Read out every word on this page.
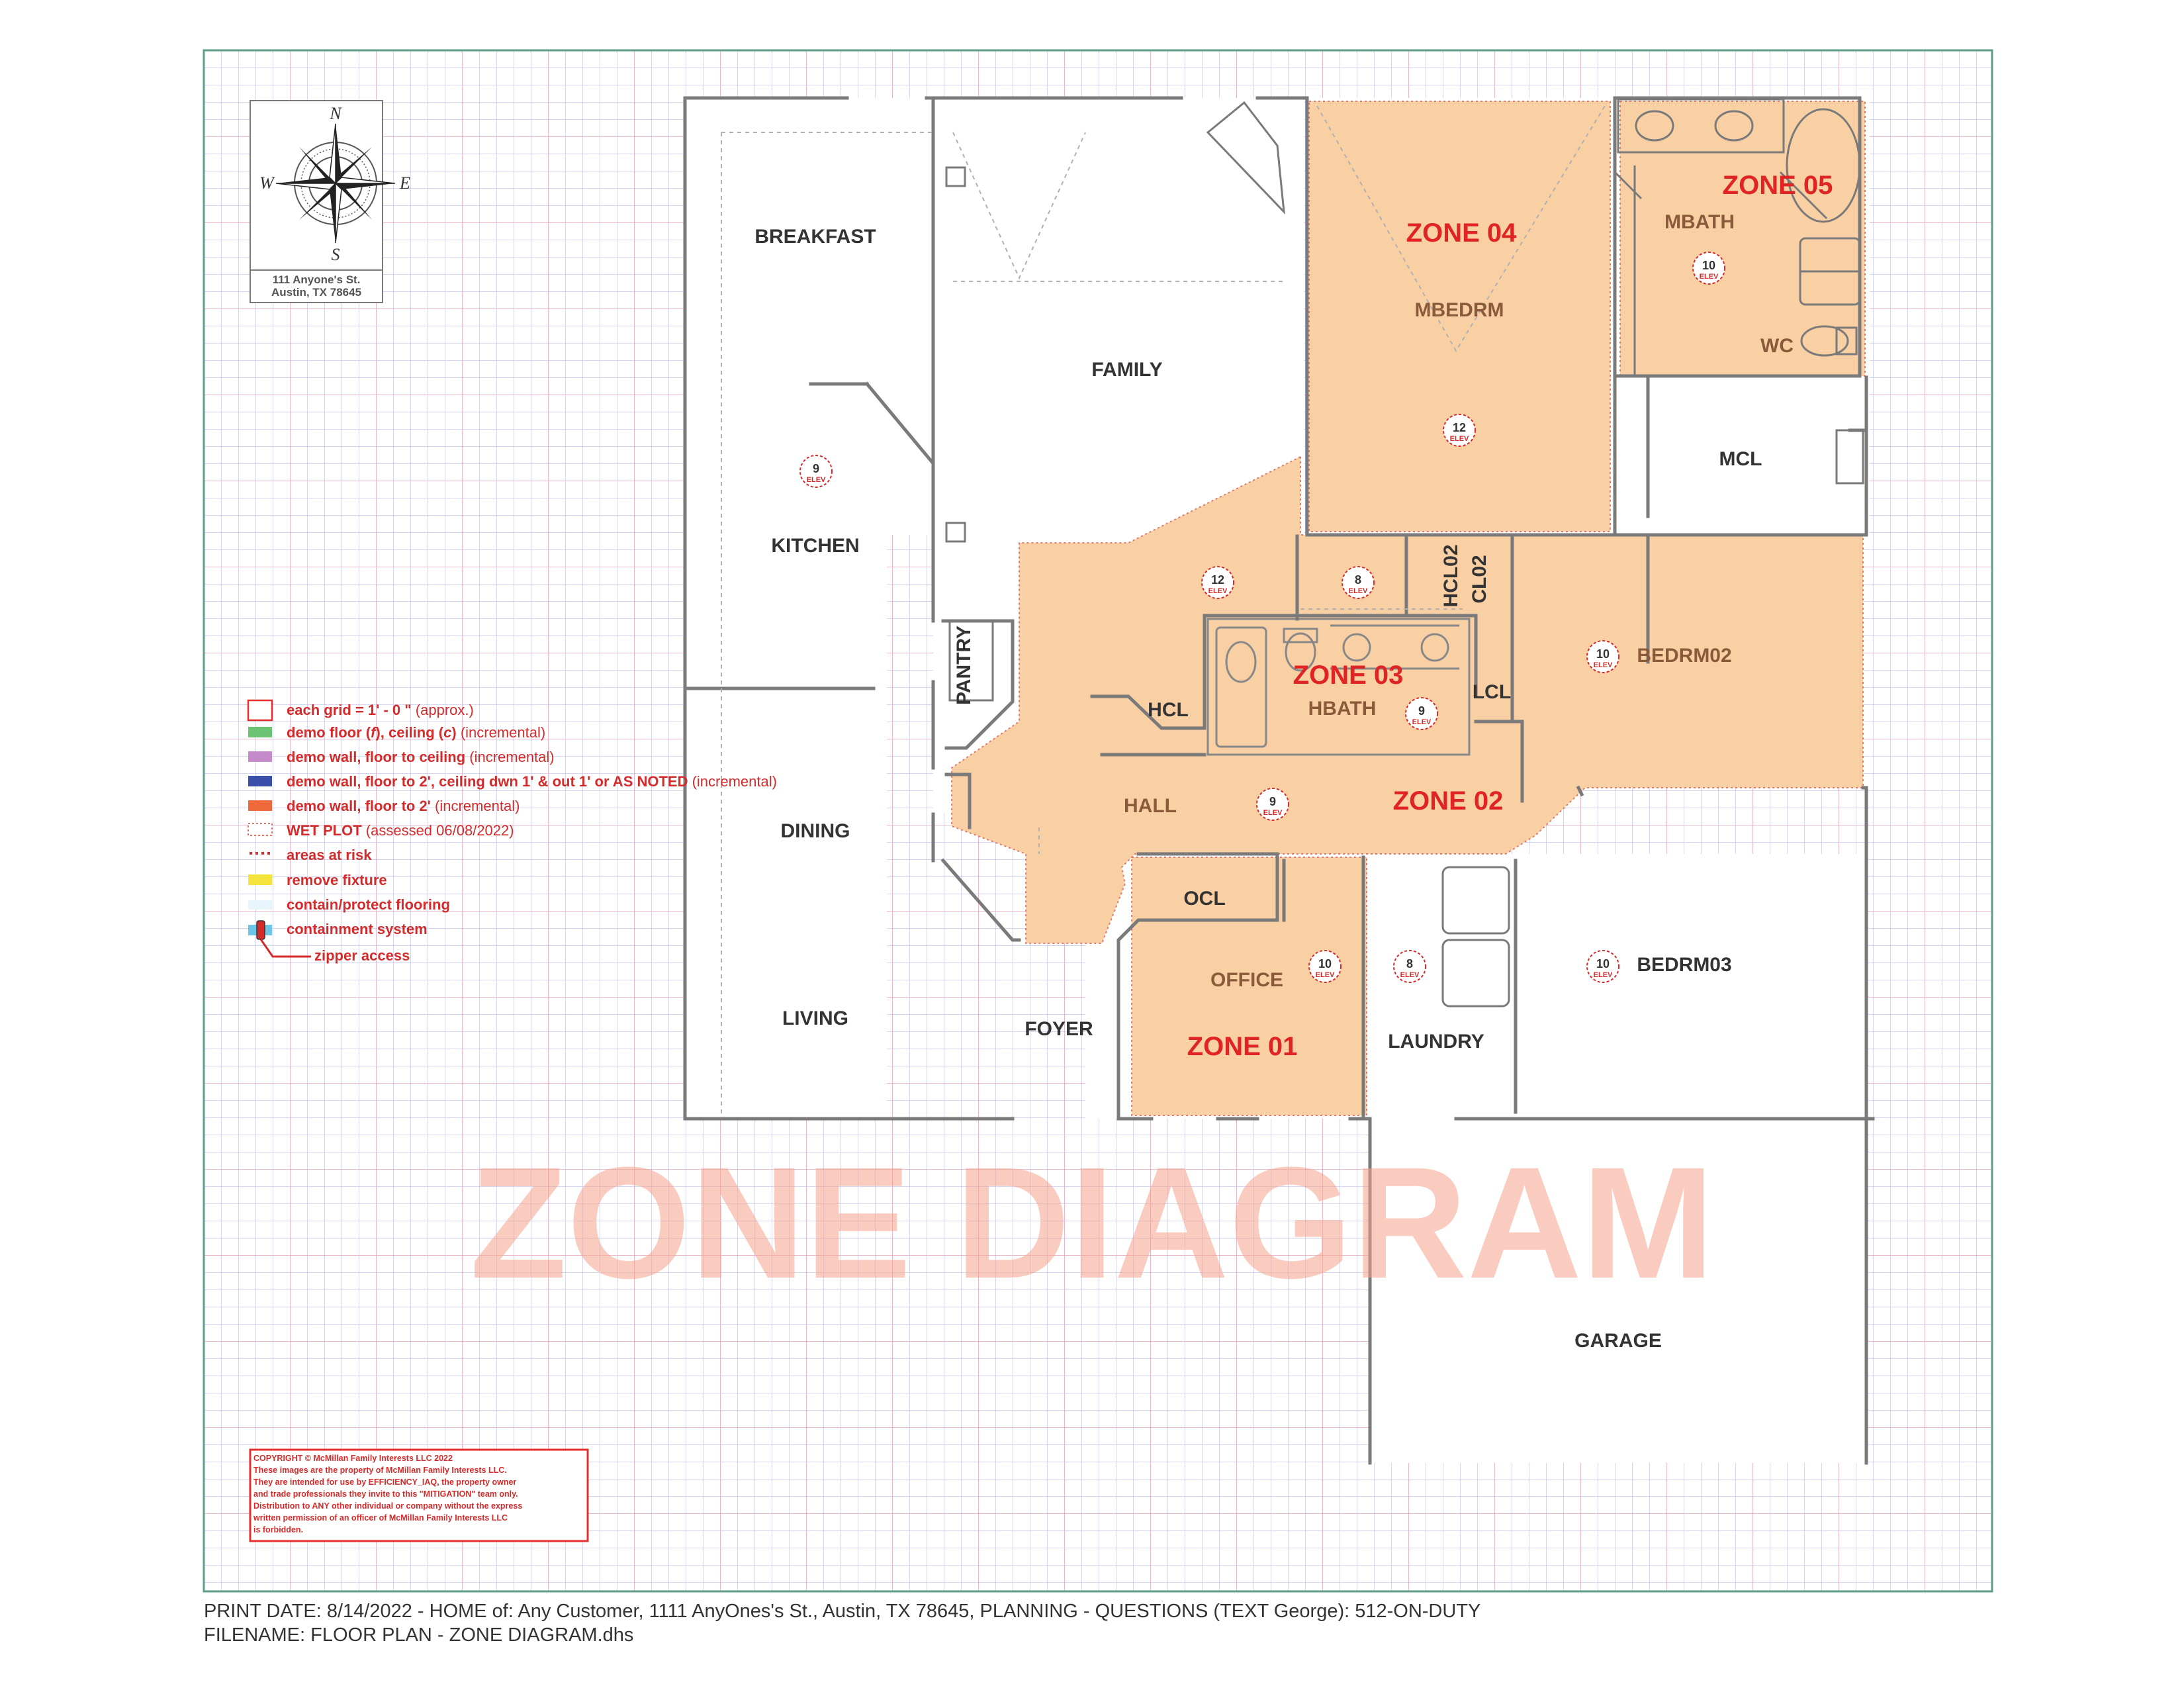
N
S
E
W
111 Anyone's St.
Austin, TX 78645
ZONE DIAGRAM
BREAKFAST
FAMILY
KITCHEN
PANTRY
DINING
LIVING	FOYER
HALL
HCL
OCL
OFFICE
LAUNDRY
HBATH
HCL02 CL02
LCL
BEDRM02
BEDRM03
MBEDRM
MBATH
WC
MCL
GARAGE
ZONE 01
ZONE 02
ZONE 03
ZONE 04
ZONE 05
9
ELEV
12
ELEV
8
ELEV
9
ELEV
9
ELEV
10
ELEV
10
ELEV
8
ELEV
10
ELEV
12
ELEV
10
ELEV
each grid = 1' - 0 " (approx.)
demo floor (f), ceiling (c) (incremental)
demo wall, floor to ceiling (incremental)
demo wall, floor to 2', ceiling dwn 1' & out 1' or AS NOTED (incremental)
demo wall, floor to 2' (incremental)
WET PLOT (assessed 06/08/2022)
areas at risk
remove fixture
contain/protect flooring
containment system
zipper access
COPYRIGHT © McMillan Family Interests LLC 2022
These images are the property of McMillan Family Interests LLC.
They are intended for use by EFFICIENCY_IAQ, the property owner
and trade professionals they invite to this "MITIGATION" team only.
Distribution to ANY other individual or company without the express
written permission of an officer of McMillan Family Interests LLC
is forbidden.
PRINT DATE: 8/14/2022 - HOME of: Any Customer, 1111 AnyOnes's St., Austin, TX 78645, PLANNING - QUESTIONS (TEXT George): 512-ON-DUTY
FILENAME: FLOOR PLAN - ZONE DIAGRAM.dhs
